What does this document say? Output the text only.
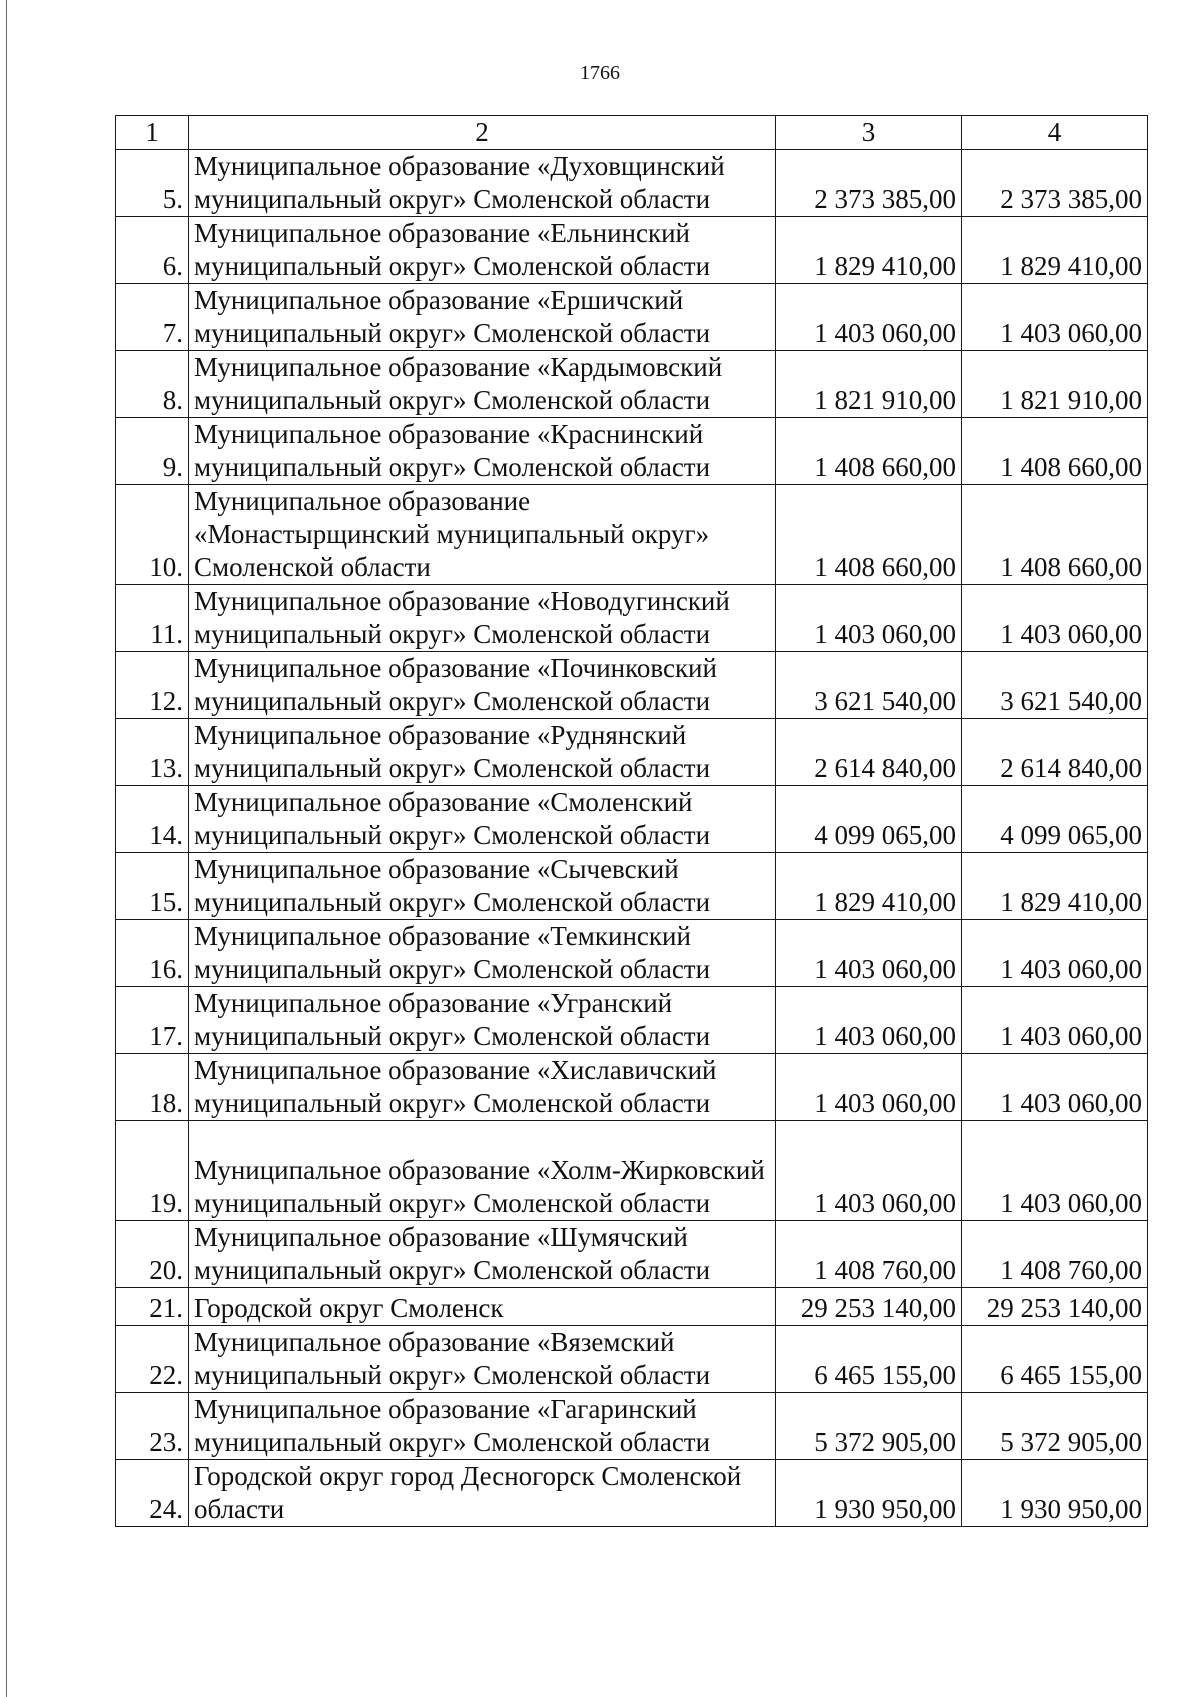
1766
1	2	3	4
5.	Муниципальное образование «Духовщинский муниципальный округ» Смоленской области	2 373 385,00	2 373 385,00
6.	Муниципальное образование «Ельнинский муниципальный округ» Смоленской области	1 829 410,00	1 829 410,00
7.	Муниципальное образование «Ершичский муниципальный округ» Смоленской области	1 403 060,00	1 403 060,00
8.	Муниципальное образование «Кардымовский муниципальный округ» Смоленской области	1 821 910,00	1 821 910,00
9.	Муниципальное образование «Краснинский муниципальный округ» Смоленской области	1 408 660,00	1 408 660,00
10.	Муниципальное образование «Монастырщинский муниципальный округ» Смоленской области	1 408 660,00	1 408 660,00
11.	Муниципальное образование «Новодугинский муниципальный округ» Смоленской области	1 403 060,00	1 403 060,00
12.	Муниципальное образование «Починковский муниципальный округ» Смоленской области	3 621 540,00	3 621 540,00
13.	Муниципальное образование «Руднянский муниципальный округ» Смоленской области	2 614 840,00	2 614 840,00
14.	Муниципальное образование «Смоленский муниципальный округ» Смоленской области	4 099 065,00	4 099 065,00
15.	Муниципальное образование «Сычевский муниципальный округ» Смоленской области	1 829 410,00	1 829 410,00
16.	Муниципальное образование «Темкинский муниципальный округ» Смоленской области	1 403 060,00	1 403 060,00
17.	Муниципальное образование «Угранский муниципальный округ» Смоленской области	1 403 060,00	1 403 060,00
18.	Муниципальное образование «Хиславичский муниципальный округ» Смоленской области	1 403 060,00	1 403 060,00
19.	Муниципальное образование «Холм-Жирковский муниципальный округ» Смоленской области	1 403 060,00	1 403 060,00
20.	Муниципальное образование «Шумячский муниципальный округ» Смоленской области	1 408 760,00	1 408 760,00
21.	Городской округ Смоленск	29 253 140,00	29 253 140,00
22.	Муниципальное образование «Вяземский муниципальный округ» Смоленской области	6 465 155,00	6 465 155,00
23.	Муниципальное образование «Гагаринский муниципальный округ» Смоленской области	5 372 905,00	5 372 905,00
24.	Городской округ город Десногорск Смоленской области	1 930 950,00	1 930 950,00
